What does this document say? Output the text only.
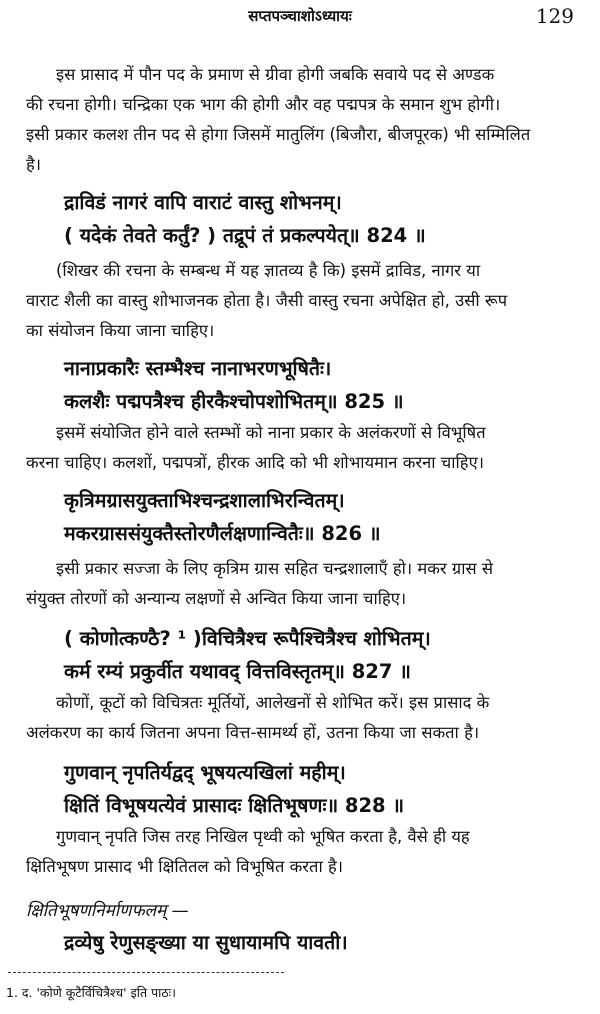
सप्तपञ्चाशोऽध्यायः	129
इस प्रासाद में पौन पद के प्रमाण से ग्रीवा होगी जबकि सवाये पद से अण्डक
की रचना होगी। चन्द्रिका एक भाग की होगी और वह पद्मपत्र के समान शुभ होगी।
इसी प्रकार कलश तीन पद से होगा जिसमें मातुलिंग (बिजौरा, बीजपूरक) भी सम्मिलित
है।
द्राविडं नागरं वापि वाराटं वास्तु शोभनम्।
( यदेकं तेवते कर्तुं? ) तद्रूपं तं प्रकल्पयेत्॥ 824 ॥
(शिखर की रचना के सम्बन्ध में यह ज्ञातव्य है कि) इसमें द्राविड, नागर या
वाराट शैली का वास्तु शोभाजनक होता है। जैसी वास्तु रचना अपेक्षित हो, उसी रूप
का संयोजन किया जाना चाहिए।
नानाप्रकारैः स्तम्भैश्च नानाभरणभूषितैः।
कलशैः पद्मपत्रैश्च हीरकैश्चोपशोभितम्॥ 825 ॥
इसमें संयोजित होने वाले स्तम्भों को नाना प्रकार के अलंकरणों से विभूषित
करना चाहिए। कलशों, पद्मपत्रों, हीरक आदि को भी शोभायमान करना चाहिए।
कृत्रिमग्रासयुक्ताभिश्चन्द्रशालाभिरन्वितम्।
मकरग्राससंयुक्तैस्तोरणैर्लक्षणान्वितैः॥ 826 ॥
इसी प्रकार सज्जा के लिए कृत्रिम ग्रास सहित चन्द्रशालाएँ हो। मकर ग्रास से
संयुक्त तोरणों को अन्यान्य लक्षणों से अन्वित किया जाना चाहिए।
( कोणोत्कण्ठै? ¹ )विचित्रैश्च रूपैश्चित्रैश्च शोभितम्।
कर्म रम्यं प्रकुर्वीत यथावद् वित्तविस्तृतम्॥ 827 ॥
कोणों, कूटों को विचित्रतः मूर्तियों, आलेखनों से शोभित करें। इस प्रासाद के
अलंकरण का कार्य जितना अपना वित्त-सामर्थ्य हों, उतना किया जा सकता है।
गुणवान् नृपतिर्यद्वद् भूषयत्यखिलां महीम्।
क्षितिं विभूषयत्येवं प्रासादः क्षितिभूषणः॥ 828 ॥
गुणवान् नृपति जिस तरह निखिल पृथ्वी को भूषित करता है, वैसे ही यह
क्षितिभूषण प्रासाद भी क्षितितल को विभूषित करता है।
क्षितिभूषणनिर्माणफलम् —
द्रव्येषु रेणुसङ्ख्या या सुधायामपि यावती।
1. द. 'कोणे कूटैर्विचित्रैश्च' इति पाठः।
